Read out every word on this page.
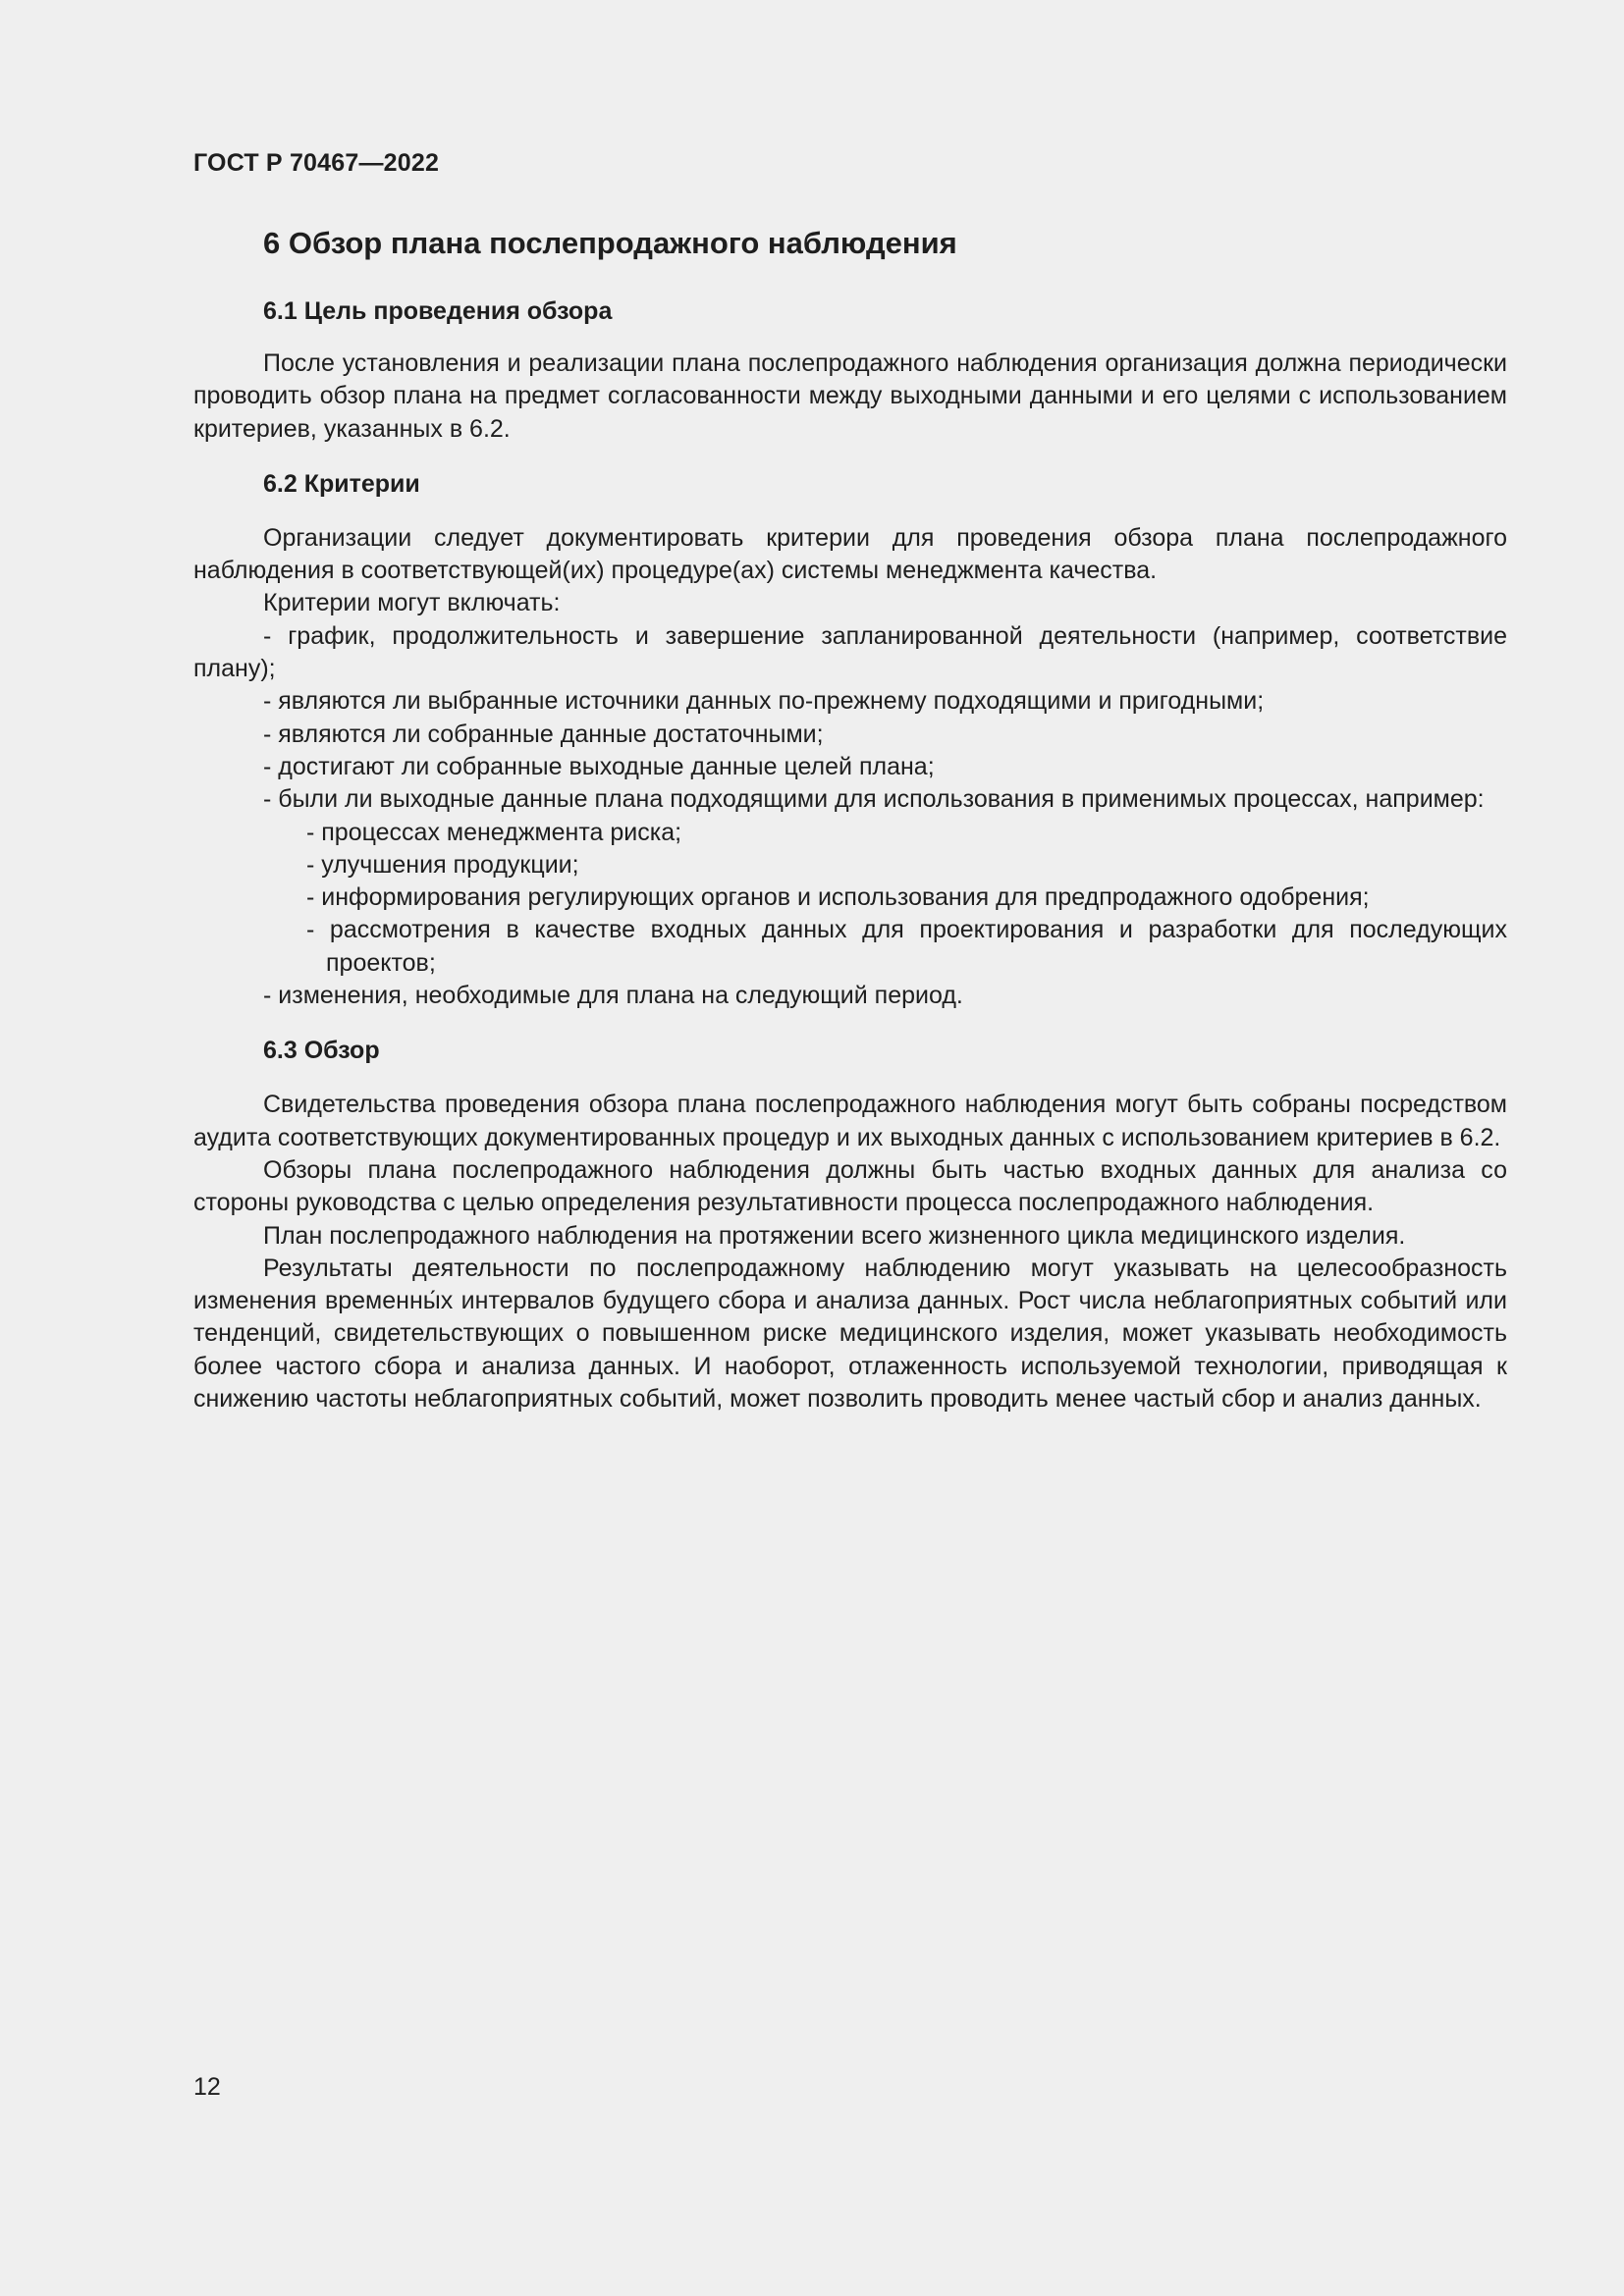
ГОСТ Р 70467—2022
6 Обзор плана послепродажного наблюдения
6.1 Цель проведения обзора

После установления и реализации плана послепродажного наблюдения организация должна периодически проводить обзор плана на предмет согласованности между выходными данными и его целями с использованием критериев, указанных в 6.2.

6.2 Критерии

Организации следует документировать критерии для проведения обзора плана послепродажного наблюдения в соответствующей(их) процедуре(ах) системы менеджмента качества.

Критерии могут включать:

- график, продолжительность и завершение запланированной деятельности (например, соответствие плану);

- являются ли выбранные источники данных по-прежнему подходящими и пригодными;

- являются ли собранные данные достаточными;

- достигают ли собранные выходные данные целей плана;

- были ли выходные данные плана подходящими для использования в применимых процессах, например:

- процессах менеджмента риска;
- улучшения продукции;
- информирования регулирующих органов и использования для предпродажного одобрения;
- рассмотрения в качестве входных данных для проектирования и разработки для последующих проектов;

- изменения, необходимые для плана на следующий период.

6.3 Обзор

Свидетельства проведения обзора плана послепродажного наблюдения могут быть собраны посредством аудита соответствующих документированных процедур и их выходных данных с использованием критериев в 6.2.

Обзоры плана послепродажного наблюдения должны быть частью входных данных для анализа со стороны руководства с целью определения результативности процесса послепродажного наблюдения.

План послепродажного наблюдения на протяжении всего жизненного цикла медицинского изделия.

Результаты деятельности по послепродажному наблюдению могут указывать на целесообразность изменения временны́х интервалов будущего сбора и анализа данных. Рост числа неблагоприятных событий или тенденций, свидетельствующих о повышенном риске медицинского изделия, может указывать необходимость более частого сбора и анализа данных. И наоборот, отлаженность используемой технологии, приводящая к снижению частоты неблагоприятных событий, может позволить проводить менее частый сбор и анализ данных.

12
